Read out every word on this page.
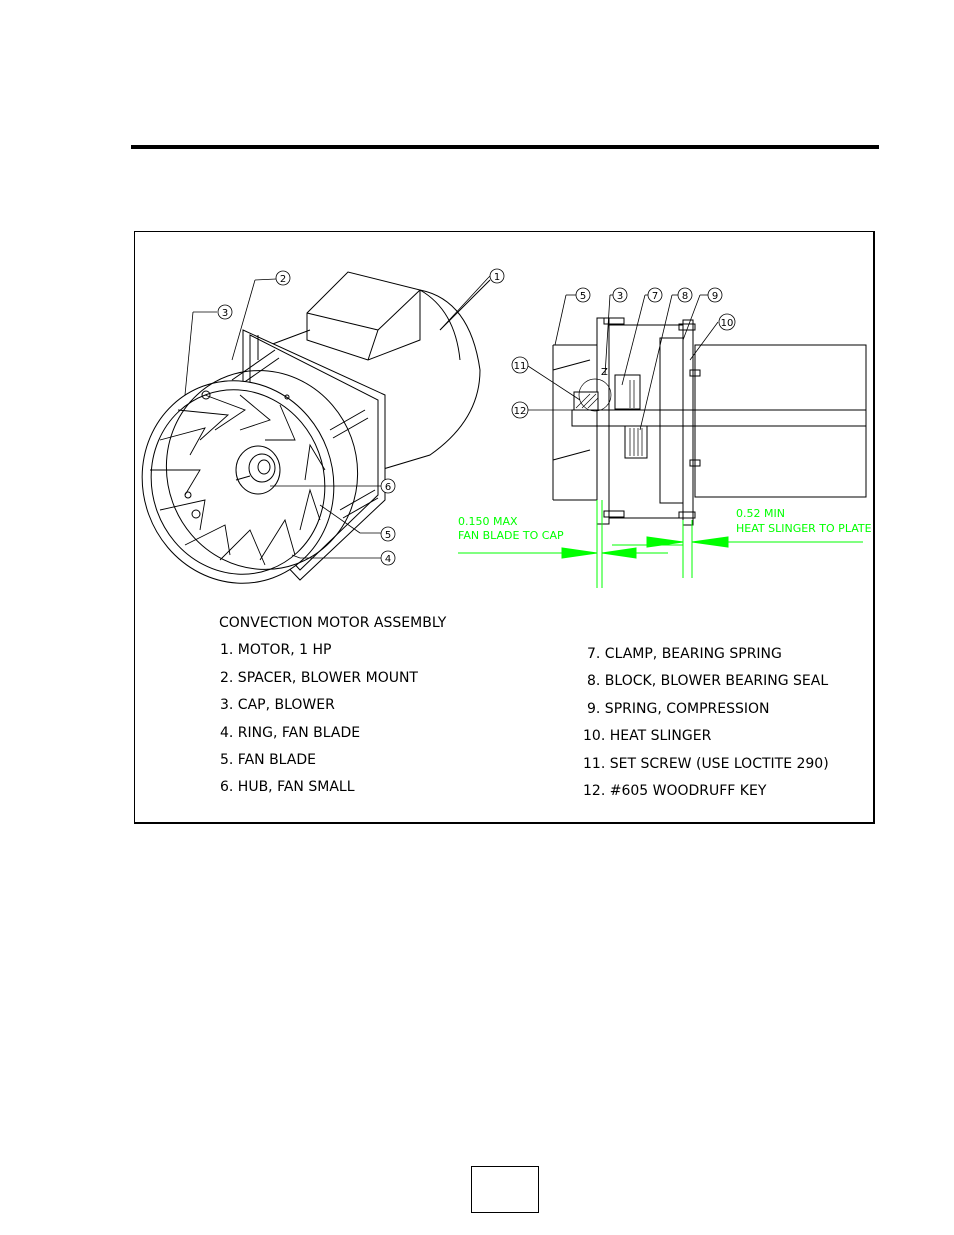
1
2
3
6
5
4
5	3	7 8 9
10
11
12
Z
0.150 MAX
FAN BLADE TO CAP
0.52 MIN
HEAT SLINGER TO PLATE
CONVECTION MOTOR ASSEMBLY
1. MOTOR, 1 HP
2. SPACER, BLOWER MOUNT
3. CAP, BLOWER
4. RING, FAN BLADE
5. FAN BLADE
6. HUB, FAN SMALL
7. CLAMP, BEARING SPRING
8. BLOCK, BLOWER BEARING SEAL
9. SPRING, COMPRESSION
10. HEAT SLINGER
11. SET SCREW (USE LOCTITE 290)
12. #605 WOODRUFF KEY
